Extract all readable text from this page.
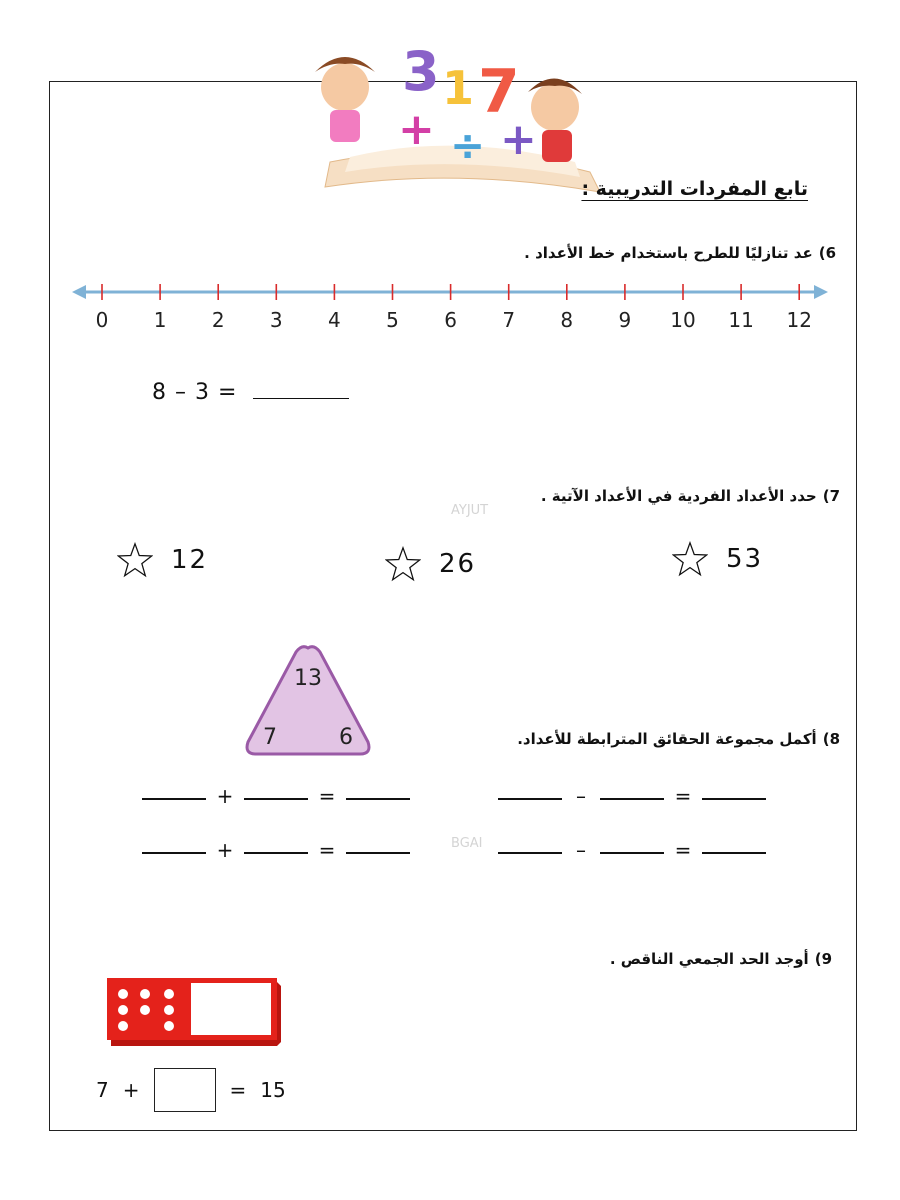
3 7
1
+ ÷ +
تابع المفردات التدريبية :
6)عد تنازليًا للطرح باستخدام خط الأعداد .
0 1 2 3 4 5 6 7 8 9 10 11 12
8 – 3 =
7)حدد الأعداد الفردية في الأعداد الآتية .
AYJUT
12	26	53
13
7	6	8)أكمل مجموعة الحقائق المترابطة للأعداد.
+	=
+	=
–	=
–	=
BGAI
9)أوجد الحد الجمعي الناقص .
7 +	= 15
